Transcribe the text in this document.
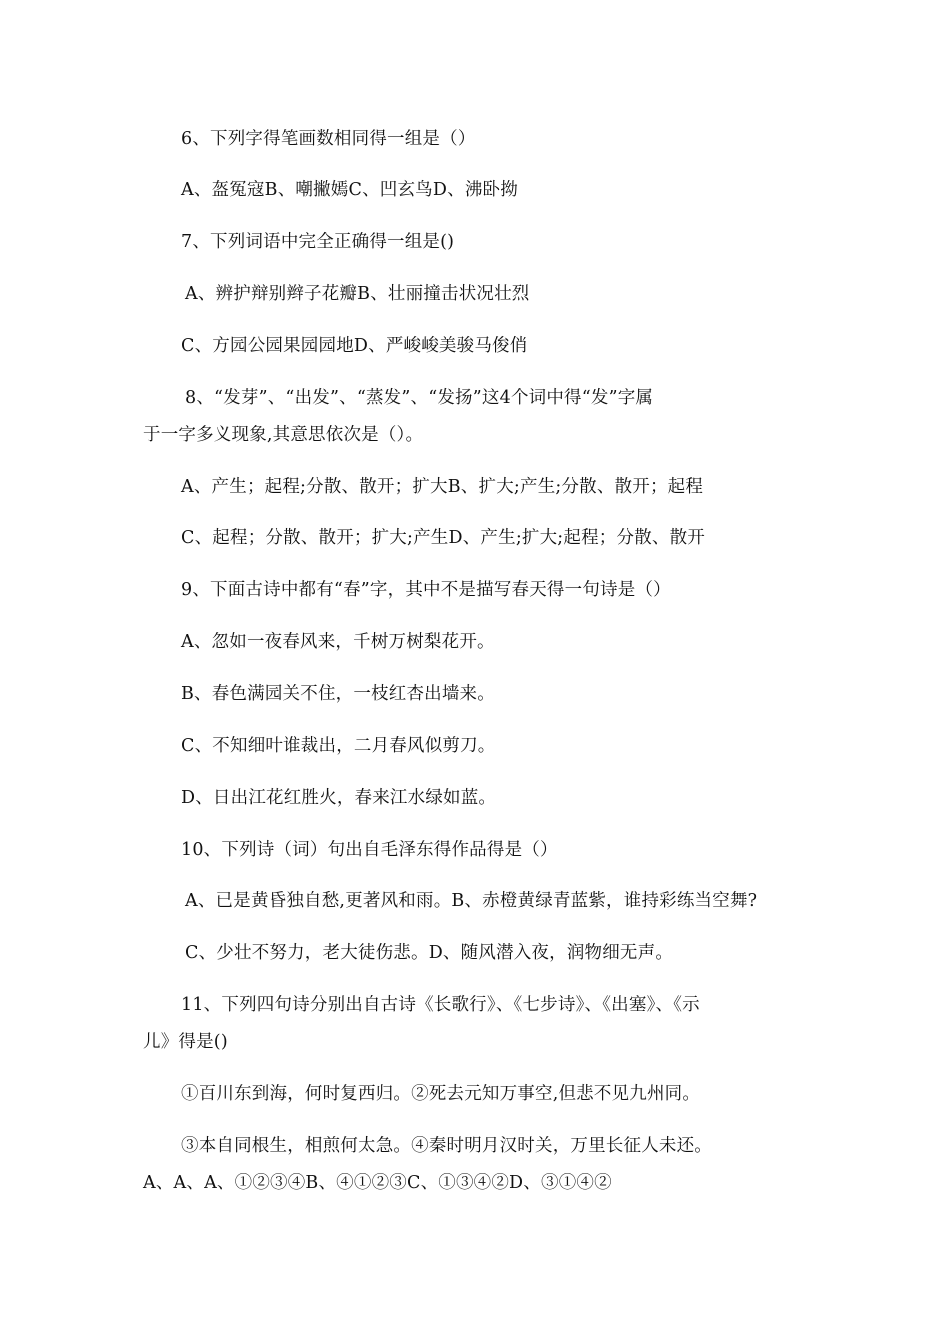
6、下列字得笔画数相同得一组是（）
A、盔冤寇B、嘲撇嫣C、凹玄鸟D、沸卧拗
7、下列词语中完全正确得一组是()
A、辨护辩别辫子花瓣B、壮丽撞击状况壮烈
C、方园公园果园园地D、严峻峻美骏马俊俏
8、“发芽”、“出发”、“蒸发”、“发扬”这4个词中得“发”字属
于一字多义现象,其意思依次是（）。
A、产生；起程;分散、散开；扩大B、扩大;产生;分散、散开；起程
C、起程；分散、散开；扩大;产生D、产生;扩大;起程；分散、散开
9、下面古诗中都有“春”字，其中不是描写春天得一句诗是（）
A、忽如一夜春风来，千树万树梨花开。
B、春色满园关不住，一枝红杏出墙来。
C、不知细叶谁裁出，二月春风似剪刀。
D、日出江花红胜火，春来江水绿如蓝。
10、下列诗（词）句出自毛泽东得作品得是（）
A、已是黄昏独自愁,更著风和雨。B、赤橙黄绿青蓝紫，谁持彩练当空舞?
C、少壮不努力，老大徒伤悲。D、随风潜入夜，润物细无声。
11、下列四句诗分别出自古诗《长歌行》、《七步诗》、《出塞》、《示
儿》得是()
①百川东到海，何时复西归。②死去元知万事空,但悲不见九州同。
③本自同根生，相煎何太急。④秦时明月汉时关，万里长征人未还。
A、A、A、①②③④B、④①②③C、①③④②D、③①④②
